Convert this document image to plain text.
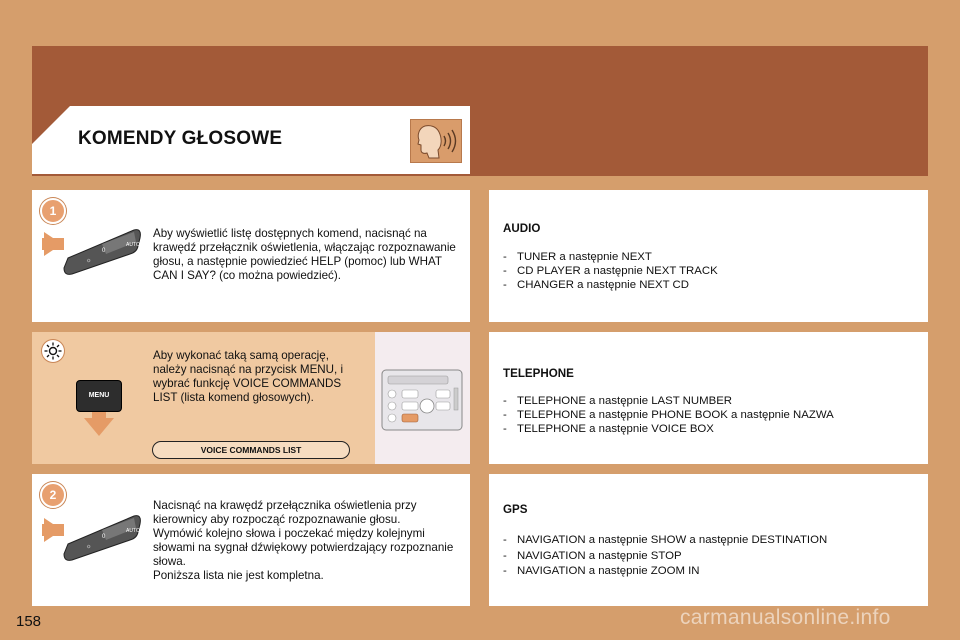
KOMENDY GŁOSOWE
1
0
AUTO
☼
Aby wyświetlić listę dostępnych komend, nacisnąć na krawędź przełącznik oświetlenia, włączając rozpoznawanie głosu, a następnie powiedzieć HELP (pomoc) lub WHAT CAN I SAY? (co można powiedzieć).
MENU
Aby wykonać taką samą operację, należy nacisnąć na przycisk MENU, i wybrać funkcję VOICE COMMANDS LIST (lista komend głosowych).
VOICE COMMANDS LIST
2
0
AUTO
☼
Nacisnąć na krawędź przełącznika oświetlenia przy kierownicy aby rozpocząć rozpoznawanie głosu.
Wymówić kolejno słowa i poczekać między kolejnymi słowami na sygnał dźwiękowy potwierdzający rozpoznanie słowa.
Poniższa lista nie jest kompletna.
AUDIO
- TUNER a następnie NEXT
- CD PLAYER a następnie NEXT TRACK
- CHANGER a następnie NEXT CD
TELEPHONE
- TELEPHONE a następnie LAST NUMBER
- TELEPHONE a następnie PHONE BOOK a następnie NAZWA
- TELEPHONE a następnie VOICE BOX
GPS
- NAVIGATION a następnie SHOW a następnie DESTINATION
- NAVIGATION a następnie STOP
- NAVIGATION a następnie ZOOM IN
158	carmanualsonline.info
